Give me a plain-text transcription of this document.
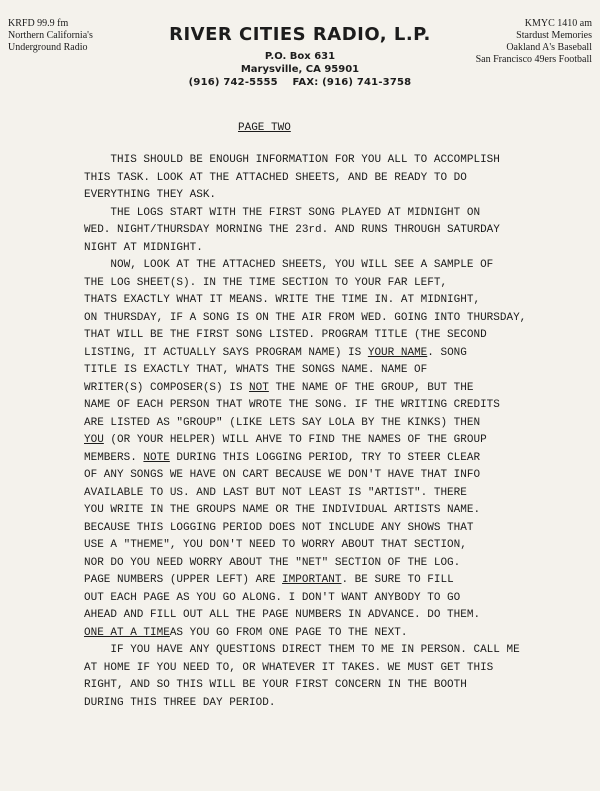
KRFD 99.9 fm
Northern California's
Underground Radio
RIVER CITIES RADIO, L.P.
P.O. Box 631
Marysville, CA 95901
(916) 742-5555 FAX: (916) 741-3758
KMYC 1410 am
Stardust Memories
Oakland A's Baseball
San Francisco 49ers Football
PAGE TWO
THIS SHOULD BE ENOUGH INFORMATION FOR YOU ALL TO ACCOMPLISH
THIS TASK. LOOK AT THE ATTACHED SHEETS, AND BE READY TO DO
EVERYTHING THEY ASK.
THE LOGS START WITH THE FIRST SONG PLAYED AT MIDNIGHT ON
WED. NIGHT/THURSDAY MORNING THE 23rd. AND RUNS THROUGH SATURDAY
NIGHT AT MIDNIGHT.
NOW, LOOK AT THE ATTACHED SHEETS, YOU WILL SEE A SAMPLE OF
THE LOG SHEET(S). IN THE TIME SECTION TO YOUR FAR LEFT,
THATS EXACTLY WHAT IT MEANS. WRITE THE TIME IN. AT MIDNIGHT,
ON THURSDAY, IF A SONG IS ON THE AIR FROM WED. GOING INTO THURSDAY,
THAT WILL BE THE FIRST SONG LISTED. PROGRAM TITLE (THE SECOND
LISTING, IT ACTUALLY SAYS PROGRAM NAME) IS YOUR NAME. SONG
TITLE IS EXACTLY THAT, WHATS THE SONGS NAME. NAME OF
WRITER(S) COMPOSER(S) IS NOT THE NAME OF THE GROUP, BUT THE
NAME OF EACH PERSON THAT WROTE THE SONG. IF THE WRITING CREDITS
ARE LISTED AS "GROUP" (LIKE LETS SAY LOLA BY THE KINKS) THEN
YOU (OR YOUR HELPER) WILL AHVE TO FIND THE NAMES OF THE GROUP
MEMBERS. NOTE DURING THIS LOGGING PERIOD, TRY TO STEER CLEAR
OF ANY SONGS WE HAVE ON CART BECAUSE WE DON'T HAVE THAT INFO
AVAILABLE TO US. AND LAST BUT NOT LEAST IS "ARTIST". THERE
YOU WRITE IN THE GROUPS NAME OR THE INDIVIDUAL ARTISTS NAME.
BECAUSE THIS LOGGING PERIOD DOES NOT INCLUDE ANY SHOWS THAT
USE A "THEME", YOU DON'T NEED TO WORRY ABOUT THAT SECTION,
NOR DO YOU NEED WORRY ABOUT THE "NET" SECTION OF THE LOG.
PAGE NUMBERS (UPPER LEFT) ARE IMPORTANT. BE SURE TO FILL
OUT EACH PAGE AS YOU GO ALONG. I DON'T WANT ANYBODY TO GO
AHEAD AND FILL OUT ALL THE PAGE NUMBERS IN ADVANCE. DO THEM.
ONE AT A TIMEAS YOU GO FROM ONE PAGE TO THE NEXT.
IF YOU HAVE ANY QUESTIONS DIRECT THEM TO ME IN PERSON. CALL ME
AT HOME IF YOU NEED TO, OR WHATEVER IT TAKES. WE MUST GET THIS
RIGHT, AND SO THIS WILL BE YOUR FIRST CONCERN IN THE BOOTH
DURING THIS THREE DAY PERIOD.
